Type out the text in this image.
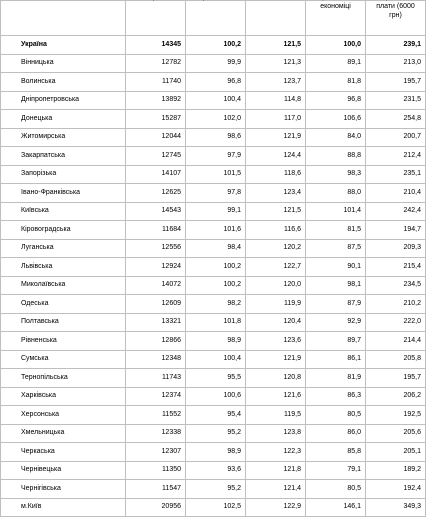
економіці	плати (6000 грн)

Україна	14345	100,2	121,5	100,0	239,1
Вінницька	12782	99,9	121,3	89,1	213,0
Волинська	11740	96,8	123,7	81,8	195,7
Дніпропетровська	13892	100,4	114,8	96,8	231,5
Донецька	15287	102,0	117,0	106,6	254,8
Житомирська	12044	98,6	121,9	84,0	200,7
Закарпатська	12745	97,9	124,4	88,8	212,4
Запорізька	14107	101,5	118,6	98,3	235,1
Івано-Франківська	12625	97,8	123,4	88,0	210,4
Київська	14543	99,1	121,5	101,4	242,4
Кіровоградська	11684	101,6	116,6	81,5	194,7
Луганська	12556	98,4	120,2	87,5	209,3
Львівська	12924	100,2	122,7	90,1	215,4
Миколаївська	14072	100,2	120,0	98,1	234,5
Одеська	12609	98,2	119,9	87,9	210,2
Полтавська	13321	101,8	120,4	92,9	222,0
Рівненська	12866	98,9	123,6	89,7	214,4
Сумська	12348	100,4	121,9	86,1	205,8
Тернопільська	11743	95,5	120,8	81,9	195,7
Харківська	12374	100,6	121,6	86,3	206,2
Херсонська	11552	95,4	119,5	80,5	192,5
Хмельницька	12338	95,2	123,8	86,0	205,6
Черкаська	12307	98,9	122,3	85,8	205,1
Чернівецька	11350	93,6	121,8	79,1	189,2
Чернігівська	11547	95,2	121,4	80,5	192,4
м.Київ	20956	102,5	122,9	146,1	349,3
